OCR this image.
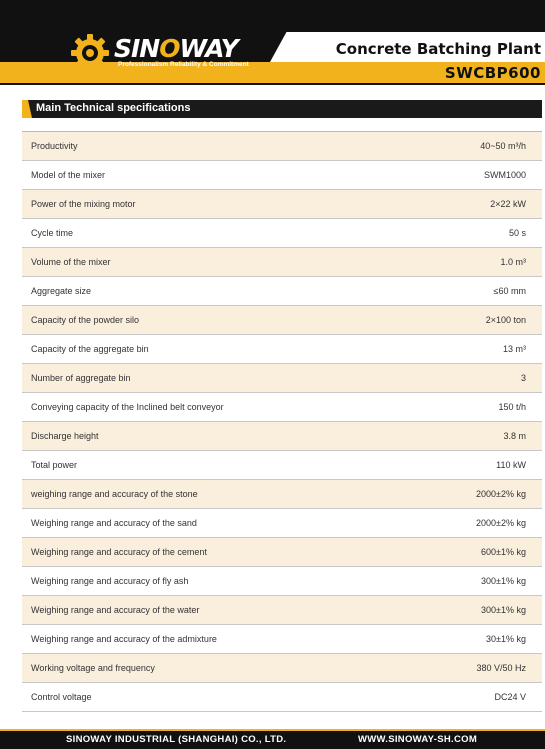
SINOWAY
Professionalism Reliability & Commitment
Concrete Batching Plant
SWCBP600
Main Technical specifications
Productivity	40~50 m³/h
Model of the mixer	SWM1000
Power of the mixing motor	2×22 kW
Cycle time	50 s
Volume of the mixer	1.0 m³
Aggregate size	≤60 mm
Capacity of the powder silo	2×100 ton
Capacity of the aggregate bin	13 m³
Number of aggregate bin	3
Conveying capacity of the Inclined belt conveyor	150 t/h
Discharge height	3.8 m
Total power	110 kW
weighing range and accuracy of the stone	2000±2% kg
Weighing range and accuracy of the sand	2000±2% kg
Weighing range and accuracy of the cement	600±1% kg
Weighing range and accuracy of fly ash	300±1% kg
Weighing range and accuracy of the water	300±1% kg
Weighing range and accuracy of the admixture	30±1% kg
Working voltage and frequency	380 V/50 Hz
Control voltage	DC24 V
SINOWAY INDUSTRIAL (SHANGHAI) CO., LTD.	WWW.SINOWAY-SH.COM
